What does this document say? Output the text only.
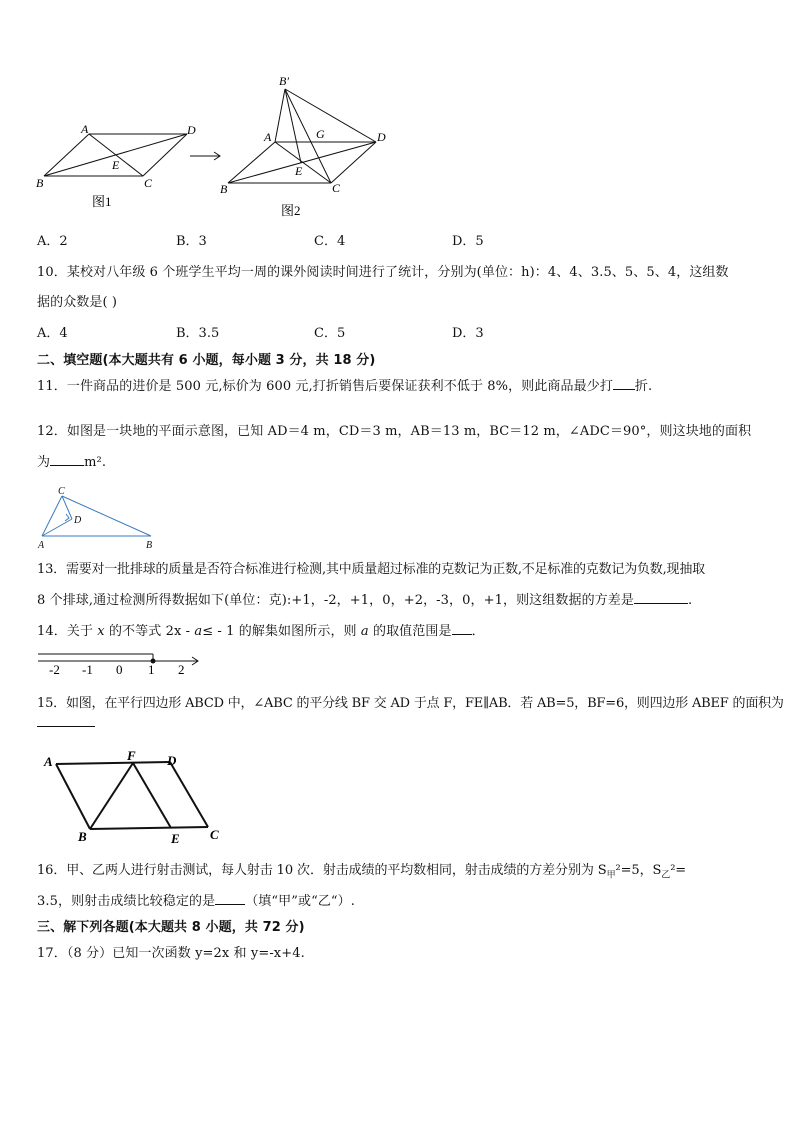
A	D
E
B	C
图1
B′
A	G	D
E
B	C
图2
A．2	B．3	C．4	D．5
10．某校对八年级 6 个班学生平均一周的课外阅读时间进行了统计，分别为(单位：h)：4、4、3.5、5、5、4，这组数
据的众数是( )
A．4	B．3.5	C．5	D．3
二、填空题(本大题共有 6 小题，每小题 3 分，共 18 分)
11．一件商品的进价是 500 元,标价为 600 元,打折销售后要保证获利不低于 8%，则此商品最少打 折.
12．如图是一块地的平面示意图，已知 AD＝4 m，CD＝3 m，AB＝13 m，BC＝12 m，∠ADC＝90°，则这块地的面积
为	m².
C
D
A	B
13．需要对一批排球的质量是否符合标准进行检测,其中质量超过标准的克数记为正数,不足标准的克数记为负数,现抽取
8 个排球,通过检测所得数据如下(单位：克):+1，-2，+1，0，+2，-3，0，+1，则这组数据的方差是	.
14．关于 x 的不等式 2x - a≤ - 1 的解集如图所示，则 a 的取值范围是 ．
-2 -1 0 1 2
15．如图，在平行四边形 ABCD 中，∠ABC 的平分线 BF 交 AD 于点 F，FE∥AB．若 AB=5，BF=6，则四边形 ABEF 的面积为
A	F D
B	E C
16．甲、乙两人进行射击测试，每人射击 10 次．射击成绩的平均数相同，射击成绩的方差分别为 $S_甲^2=5$，$S_乙^2=$
3.5，则射击成绩比较稳定的是 （填“甲”或“乙“）.
三、解下列各题(本大题共 8 小题，共 72 分)
17．（8 分）已知一次函数 y=2x 和 y=-x+4.
